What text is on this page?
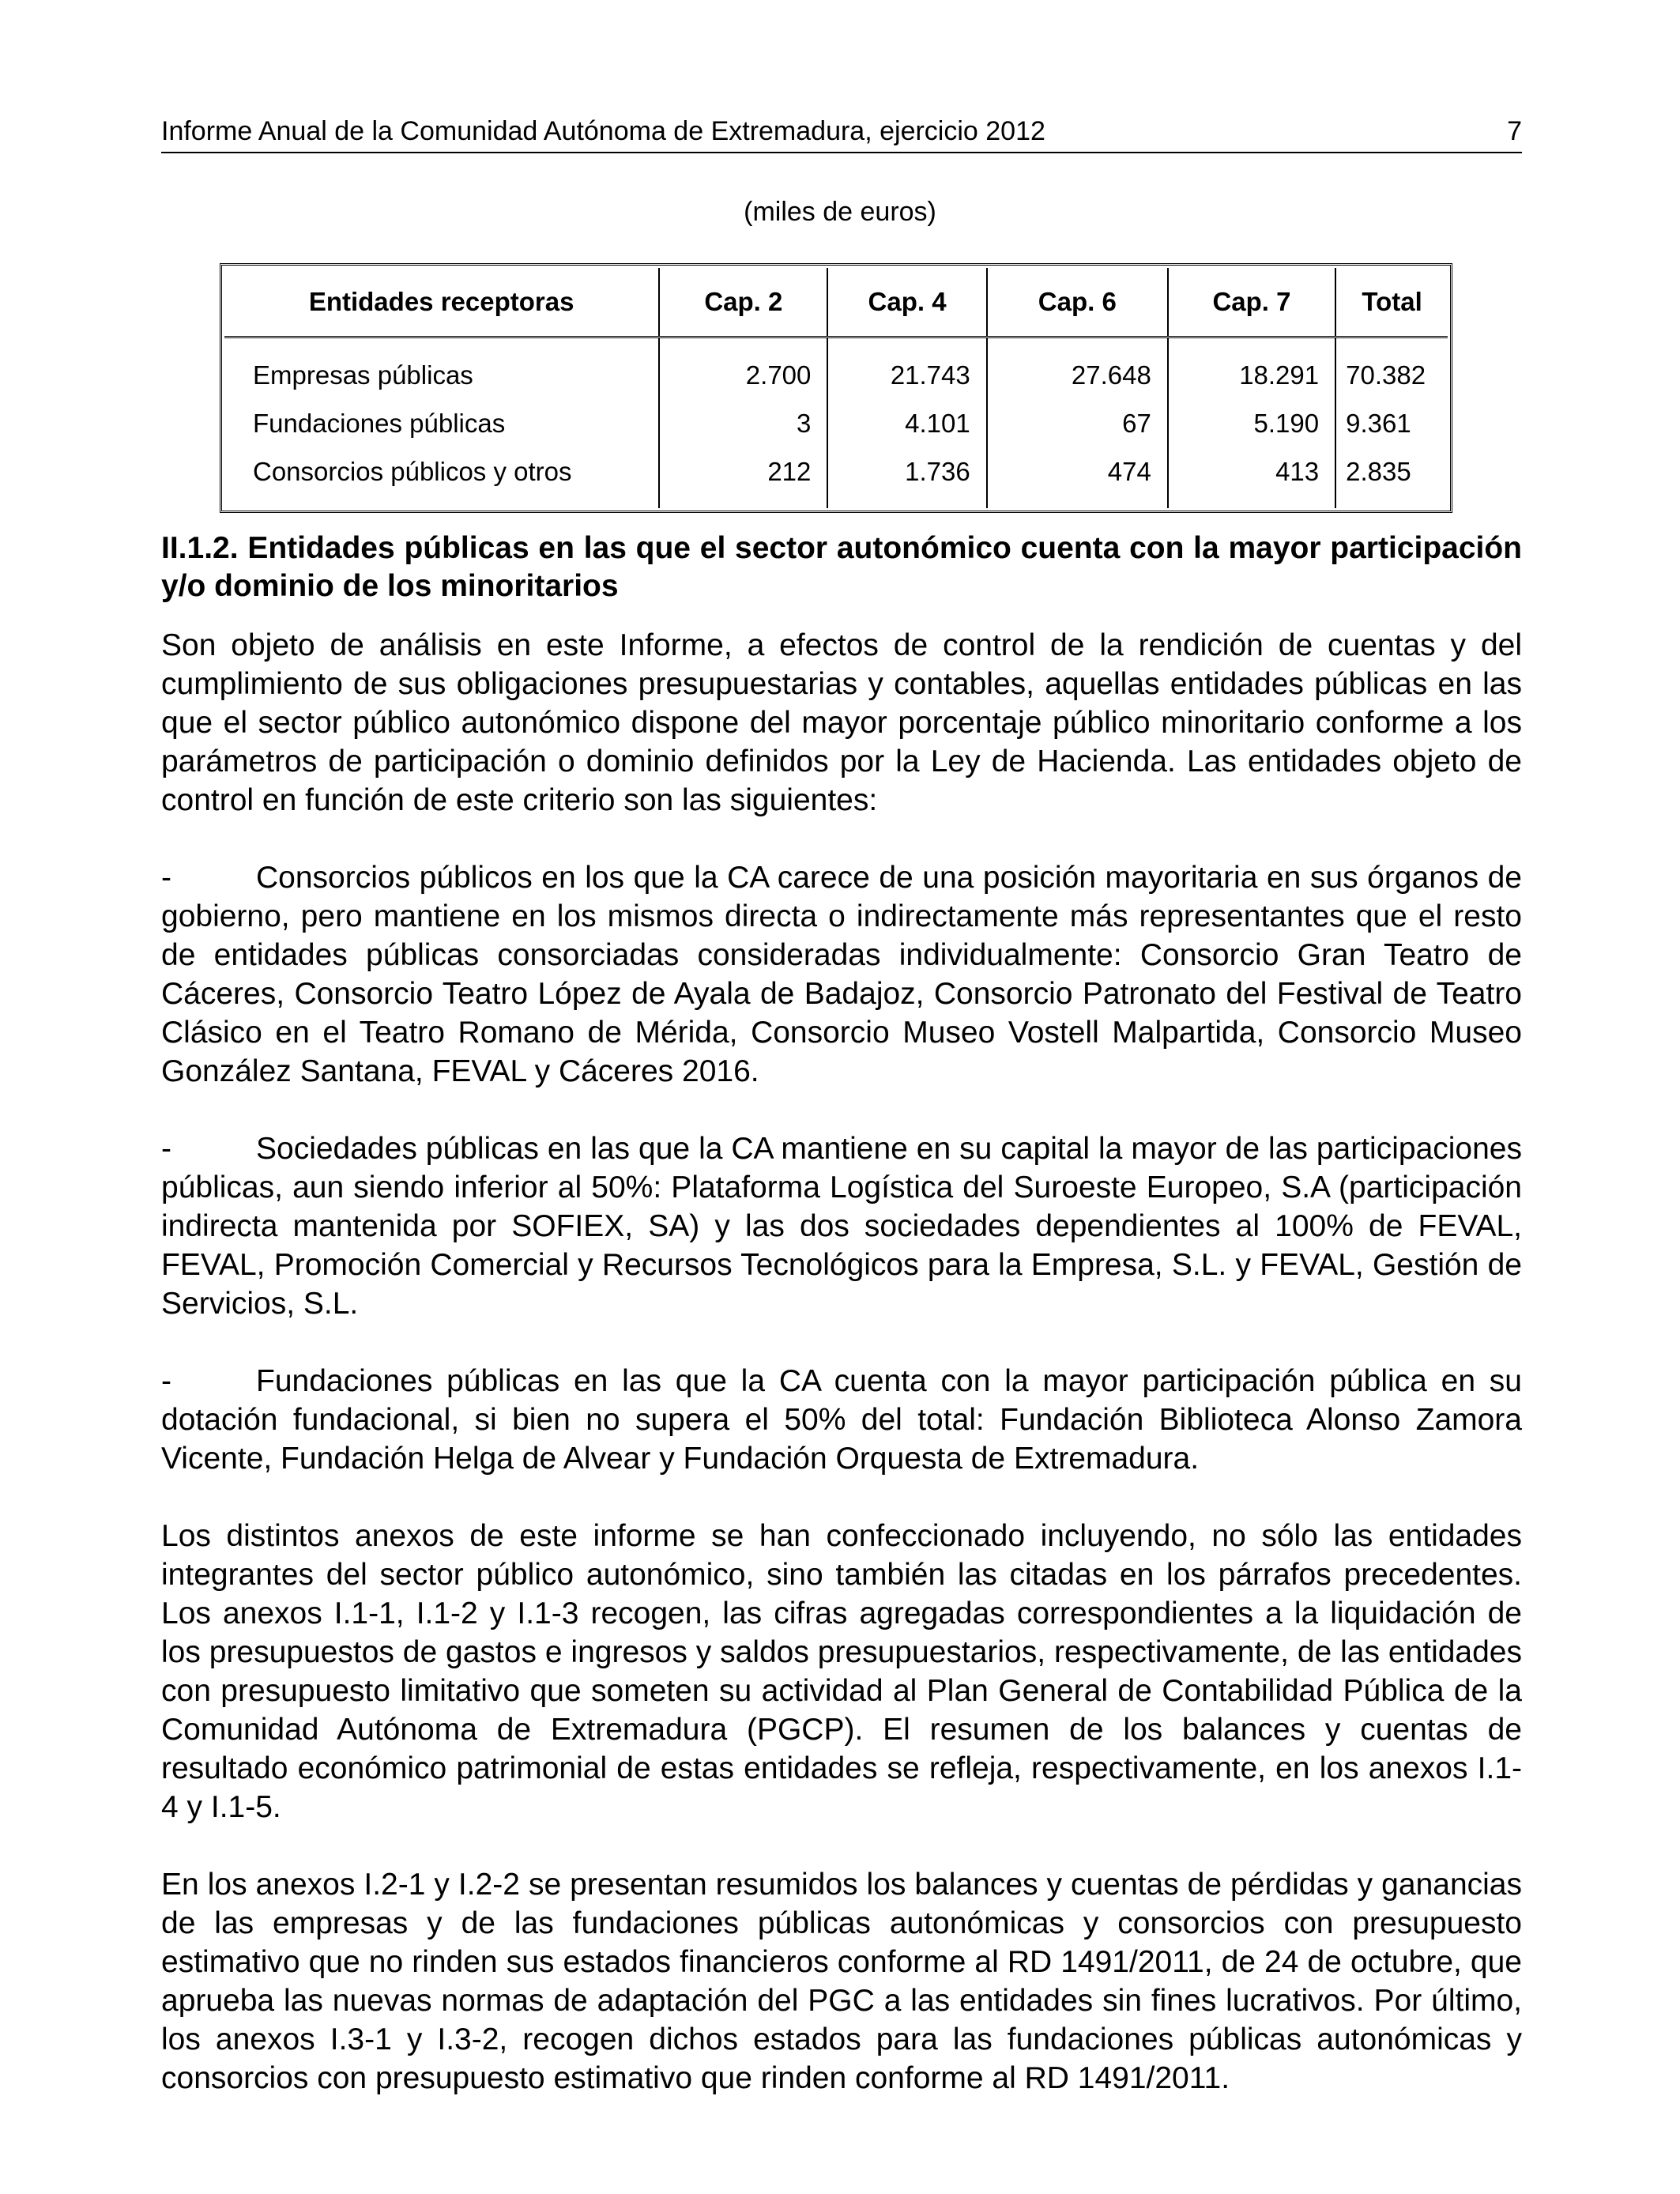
Informe Anual de la Comunidad Autónoma de Extremadura, ejercicio 2012	7
(miles de euros)
Entidades receptoras	Cap. 2	Cap. 4	Cap. 6	Cap. 7	Total
Empresas públicas	2.700	21.743	27.648	18.291	70.382
Fundaciones públicas	3	4.101	67	5.190	9.361
Consorcios públicos y otros	212	1.736	474	413	2.835
II.1.2. Entidades públicas en las que el sector autonómico cuenta con la mayor participación y/o dominio de los minoritarios

Son objeto de análisis en este Informe, a efectos de control de la rendición de cuentas y del cumplimiento de sus obligaciones presupuestarias y contables, aquellas entidades públicas en las que el sector público autonómico dispone del mayor porcentaje público minoritario conforme a los parámetros de participación o dominio definidos por la Ley de Hacienda. Las entidades objeto de control en función de este criterio son las siguientes:

-	Consorcios públicos en los que la CA carece de una posición mayoritaria en sus órganos de gobierno, pero mantiene en los mismos directa o indirectamente más representantes que el resto de entidades públicas consorciadas consideradas individualmente: Consorcio Gran Teatro de Cáceres, Consorcio Teatro López de Ayala de Badajoz, Consorcio Patronato del Festival de Teatro Clásico en el Teatro Romano de Mérida, Consorcio Museo Vostell Malpartida, Consorcio Museo González Santana, FEVAL y Cáceres 2016.

-	Sociedades públicas en las que la CA mantiene en su capital la mayor de las participaciones públicas, aun siendo inferior al 50%: Plataforma Logística del Suroeste Europeo, S.A (participación indirecta mantenida por SOFIEX, SA) y las dos sociedades dependientes al 100% de FEVAL, FEVAL, Promoción Comercial y Recursos Tecnológicos para la Empresa, S.L. y FEVAL, Gestión de Servicios, S.L.

-	Fundaciones públicas en las que la CA cuenta con la mayor participación pública en su dotación fundacional, si bien no supera el 50% del total: Fundación Biblioteca Alonso Zamora Vicente, Fundación Helga de Alvear y Fundación Orquesta de Extremadura.

Los distintos anexos de este informe se han confeccionado incluyendo, no sólo las entidades integrantes del sector público autonómico, sino también las citadas en los párrafos precedentes. Los anexos I.1-1, I.1-2 y I.1-3 recogen, las cifras agregadas correspondientes a la liquidación de los presupuestos de gastos e ingresos y saldos presupuestarios, respectivamente, de las entidades con presupuesto limitativo que someten su actividad al Plan General de Contabilidad Pública de la Comunidad Autónoma de Extremadura (PGCP). El resumen de los balances y cuentas de resultado económico patrimonial de estas entidades se refleja, respectivamente, en los anexos I.1-4 y I.1-5.

En los anexos I.2-1 y I.2-2 se presentan resumidos los balances y cuentas de pérdidas y ganancias de las empresas y de las fundaciones públicas autonómicas y consorcios con presupuesto estimativo que no rinden sus estados financieros conforme al RD 1491/2011, de 24 de octubre, que aprueba las nuevas normas de adaptación del PGC a las entidades sin fines lucrativos. Por último, los anexos I.3-1 y I.3-2, recogen dichos estados para las fundaciones públicas autonómicas y consorcios con presupuesto estimativo que rinden conforme al RD 1491/2011.
